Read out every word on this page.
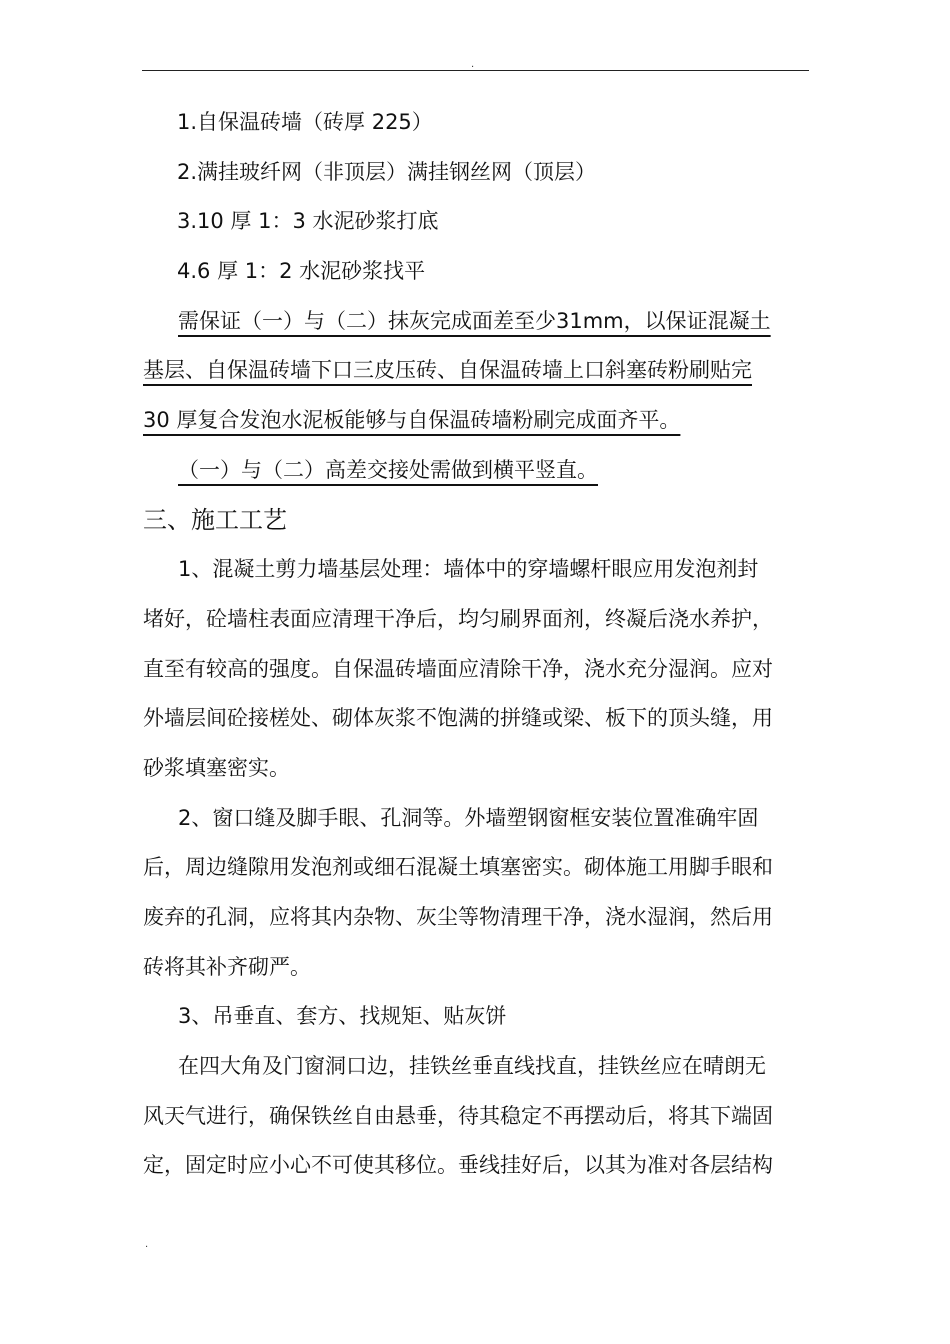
.
1.自保温砖墙（砖厚 225）
2.满挂玻纤网（非顶层）满挂钢丝网（顶层）
3.10 厚 1：3 水泥砂浆打底
4.6 厚 1：2 水泥砂浆找平
需保证（一）与（二）抹灰完成面差至少31mm，以保证混凝土
基层、自保温砖墙下口三皮压砖、自保温砖墙上口斜塞砖粉刷贴完
30 厚复合发泡水泥板能够与自保温砖墙粉刷完成面齐平。
（一）与（二）高差交接处需做到横平竖直。
三、施工工艺
1、混凝土剪力墙基层处理：墙体中的穿墙螺杆眼应用发泡剂封
堵好，砼墙柱表面应清理干净后，均匀刷界面剂，终凝后浇水养护，
直至有较高的强度。自保温砖墙面应清除干净，浇水充分湿润。应对
外墙层间砼接槎处、砌体灰浆不饱满的拼缝或梁、板下的顶头缝，用
砂浆填塞密实。
2、窗口缝及脚手眼、孔洞等。外墙塑钢窗框安装位置准确牢固
后，周边缝隙用发泡剂或细石混凝土填塞密实。砌体施工用脚手眼和
废弃的孔洞，应将其内杂物、灰尘等物清理干净，浇水湿润，然后用
砖将其补齐砌严。
3、吊垂直、套方、找规矩、贴灰饼
在四大角及门窗洞口边，挂铁丝垂直线找直，挂铁丝应在晴朗无
风天气进行，确保铁丝自由悬垂，待其稳定不再摆动后，将其下端固
定，固定时应小心不可使其移位。垂线挂好后，以其为准对各层结构
.
